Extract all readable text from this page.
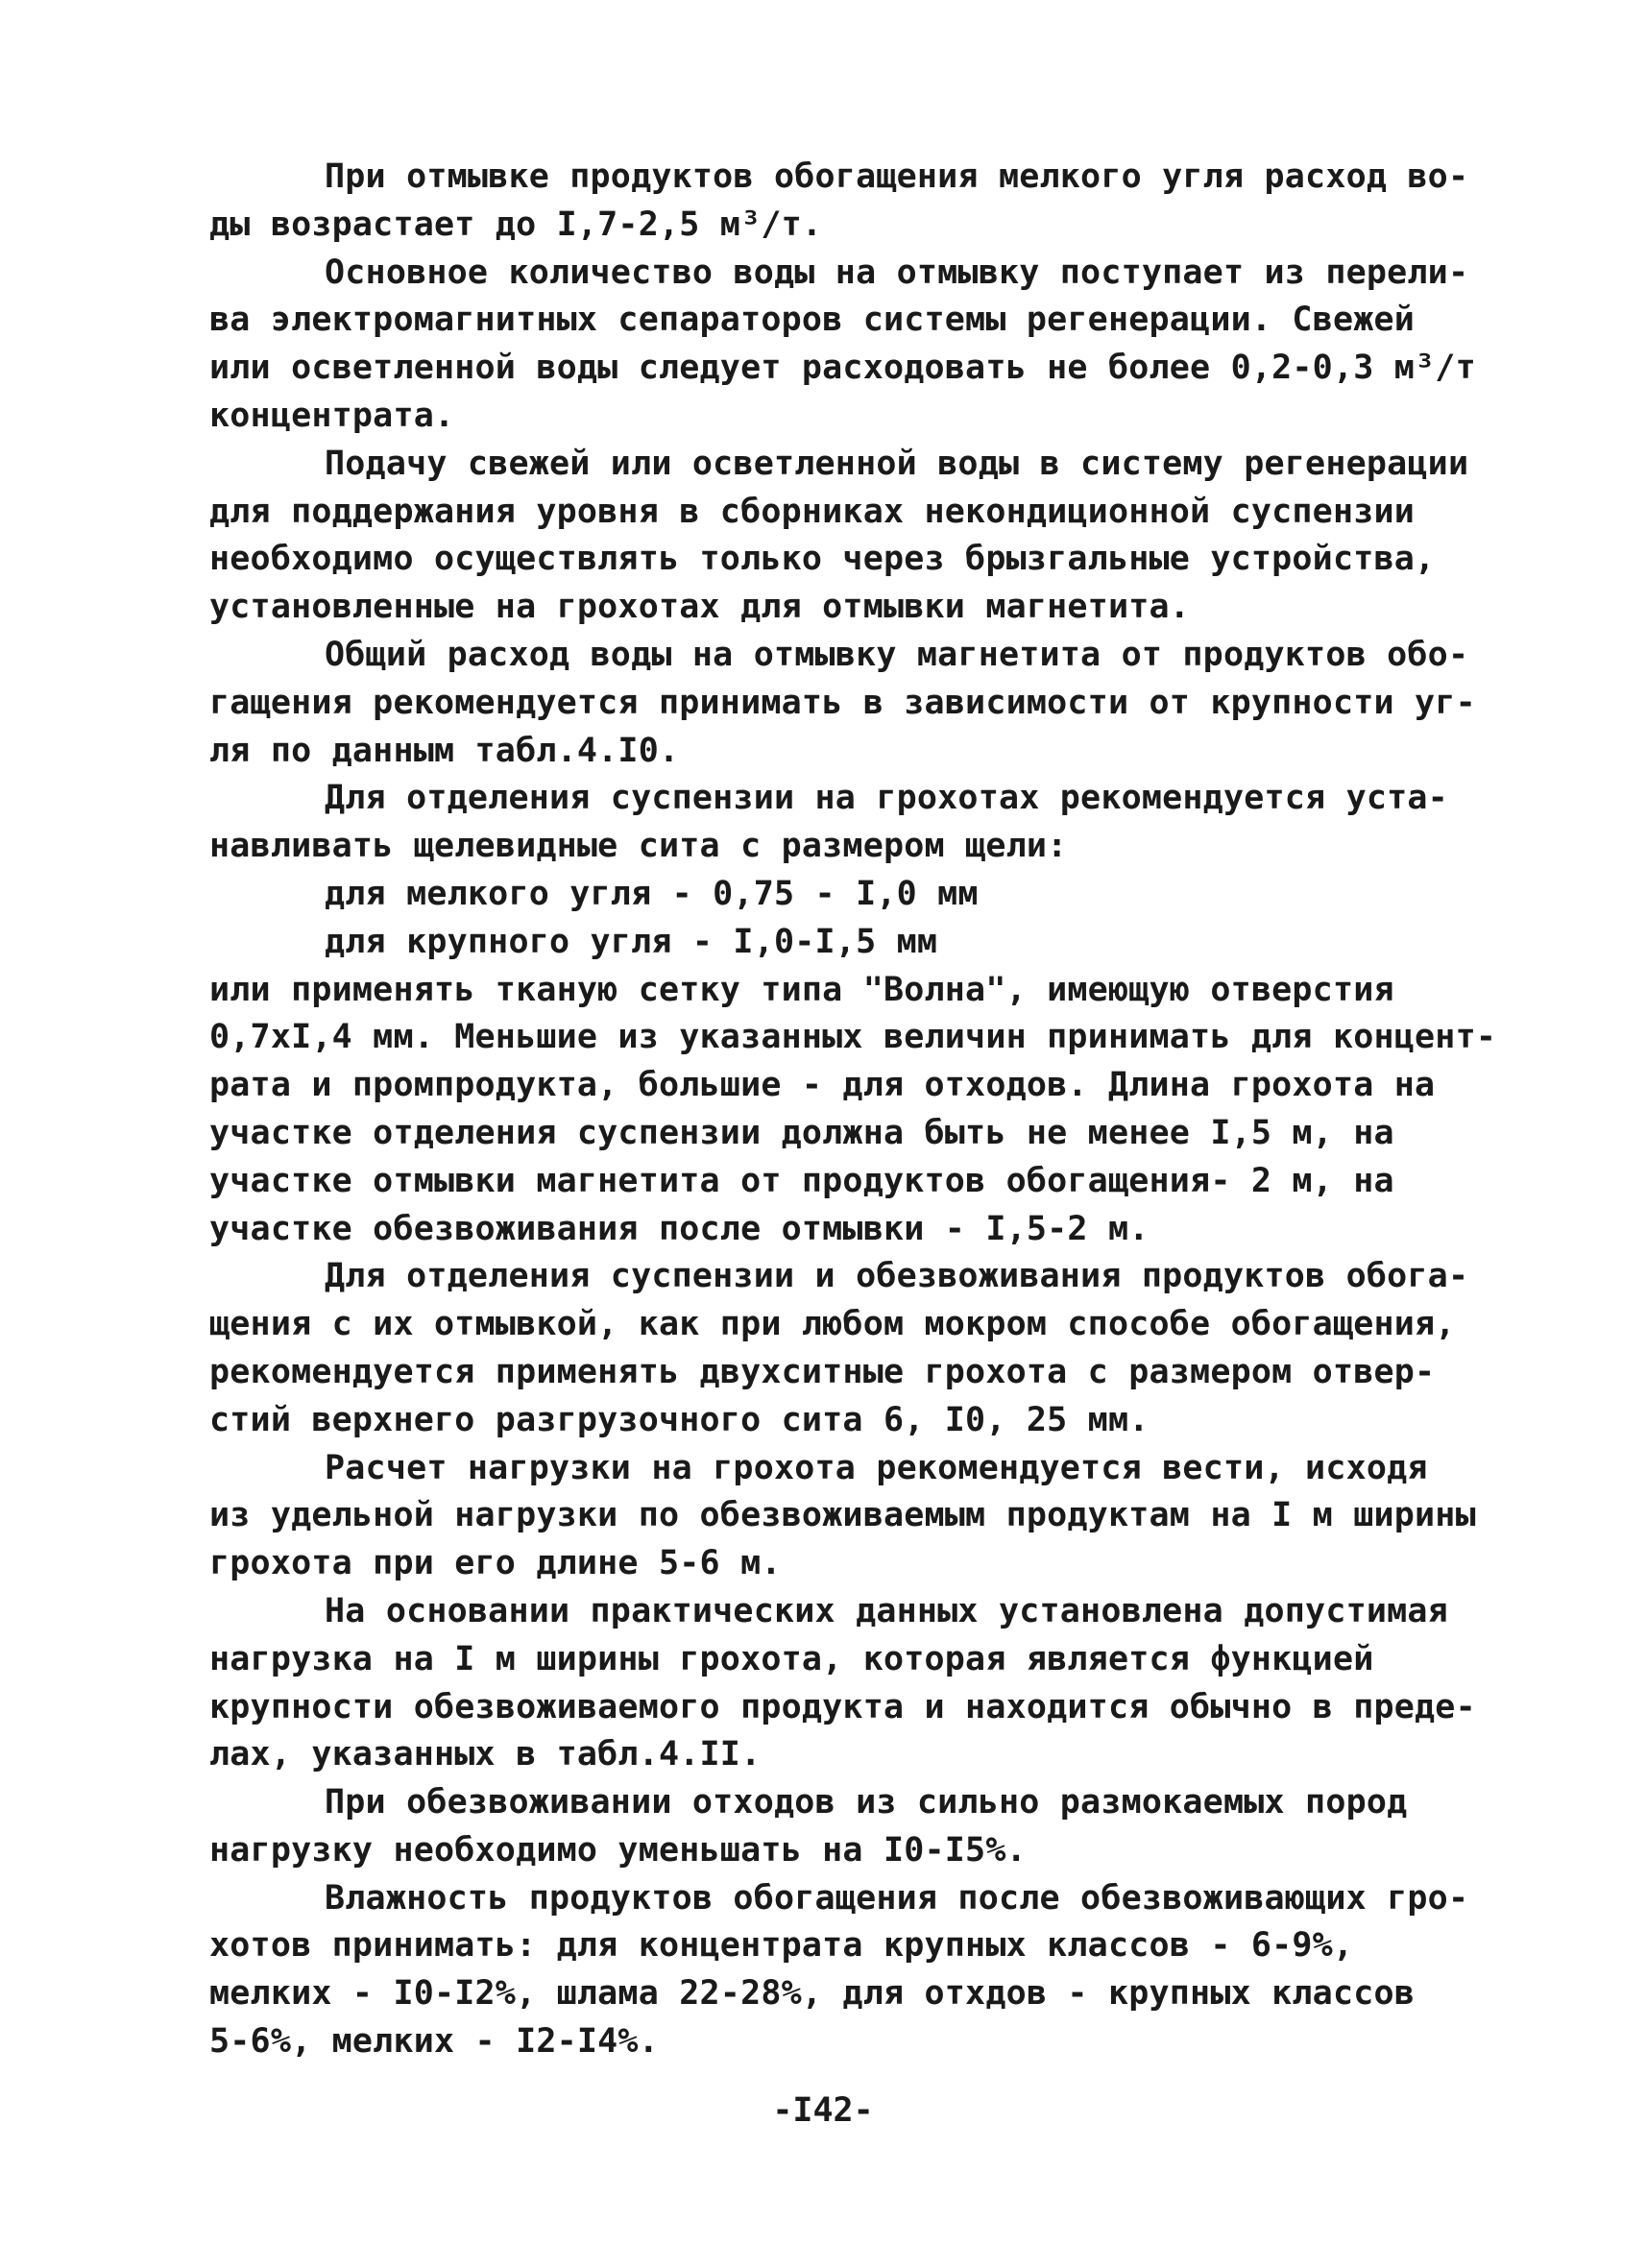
При отмывке продуктов обогащения мелкого угля расход во-
ды возрастает до I,7-2,5 м³/т.
Основное количество воды на отмывку поступает из перели-
ва электромагнитных сепараторов системы регенерации. Свежей
или осветленной воды следует расходовать не более 0,2-0,3 м³/т
концентрата.
Подачу свежей или осветленной воды в систему регенерации
для поддержания уровня в сборниках некондиционной суспензии
необходимо осуществлять только через брызгальные устройства,
установленные на грохотах для отмывки магнетита.
Общий расход воды на отмывку магнетита от продуктов обо-
гащения рекомендуется принимать в зависимости от крупности уг-
ля по данным табл.4.I0.
Для отделения суспензии на грохотах рекомендуется уста-
навливать щелевидные сита с размером щели:
для мелкого угля - 0,75 - I,0 мм
для крупного угля - I,0-I,5 мм
или применять тканую сетку типа "Волна", имеющую отверстия
0,7хI,4 мм. Меньшие из указанных величин принимать для концент-
рата и промпродукта, большие - для отходов. Длина грохота на
участке отделения суспензии должна быть не менее I,5 м, на
участке отмывки магнетита от продуктов обогащения- 2 м, на
участке обезвоживания после отмывки - I,5-2 м.
Для отделения суспензии и обезвоживания продуктов обога-
щения с их отмывкой, как при любом мокром способе обогащения,
рекомендуется применять двухситные грохота с размером отвер-
стий верхнего разгрузочного сита 6, I0, 25 мм.
Расчет нагрузки на грохота рекомендуется вести, исходя
из удельной нагрузки по обезвоживаемым продуктам на I м ширины
грохота при его длине 5-6 м.
На основании практических данных установлена допустимая
нагрузка на I м ширины грохота, которая является функцией
крупности обезвоживаемого продукта и находится обычно в преде-
лах, указанных в табл.4.II.
При обезвоживании отходов из сильно размокаемых пород
нагрузку необходимо уменьшать на I0-I5%.
Влажность продуктов обогащения после обезвоживающих гро-
хотов принимать: для концентрата крупных классов - 6-9%,
мелких - I0-I2%, шлама 22-28%, для отхдов - крупных классов
5-6%, мелких - I2-I4%.
-I42-
